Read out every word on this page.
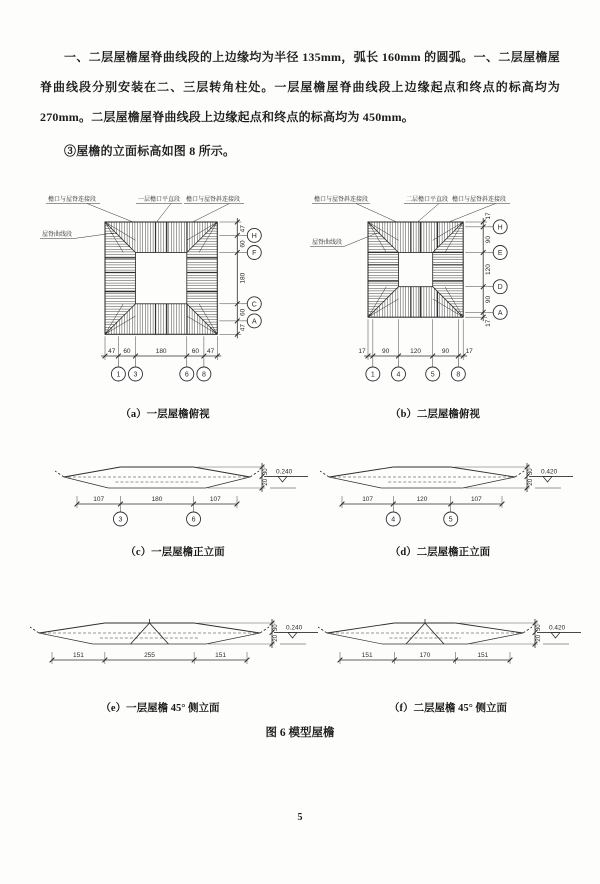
一、二层屋檐屋脊曲线段的上边缘均为半径 135mm，弧长 160mm 的圆弧。一、二层屋檐屋脊曲线段分别安装在二、三层转角柱处。一层屋檐屋脊曲线段上边缘起点和终点的标高均为 270mm。二层屋檐屋脊曲线段上边缘起点和终点的标高均为 450mm。

③屋檐的立面标高如图 8 所示。

檐口与屋脊连接段	一层檐口平直段 檐口与屋脊斜连接段
屋脊曲线段
47 60	180	60 47
1 3	6 8
47
60
180
60
47
H
F
C
A
（a）一层屋檐俯视
檐口与屋脊斜连接段	二层檐口平直段 檐口与屋脊斜连接段
屋脊曲线段
17	90	120	90	17
1	4	5	8
17
90
120
90
17
H
E
D
A
（b）二层屋檐俯视
30
20
0.240
107	180	107
3	6
（c）一层屋檐正立面
30
20
0.420
107	120	107
4	5
（d）二层屋檐正立面
30
20
0.240
151	255	151
（e）一层屋檐 45° 侧立面
30
20
0.420
151	170	151
（f）二层屋檐 45° 侧立面
图 6 模型屋檐
5
